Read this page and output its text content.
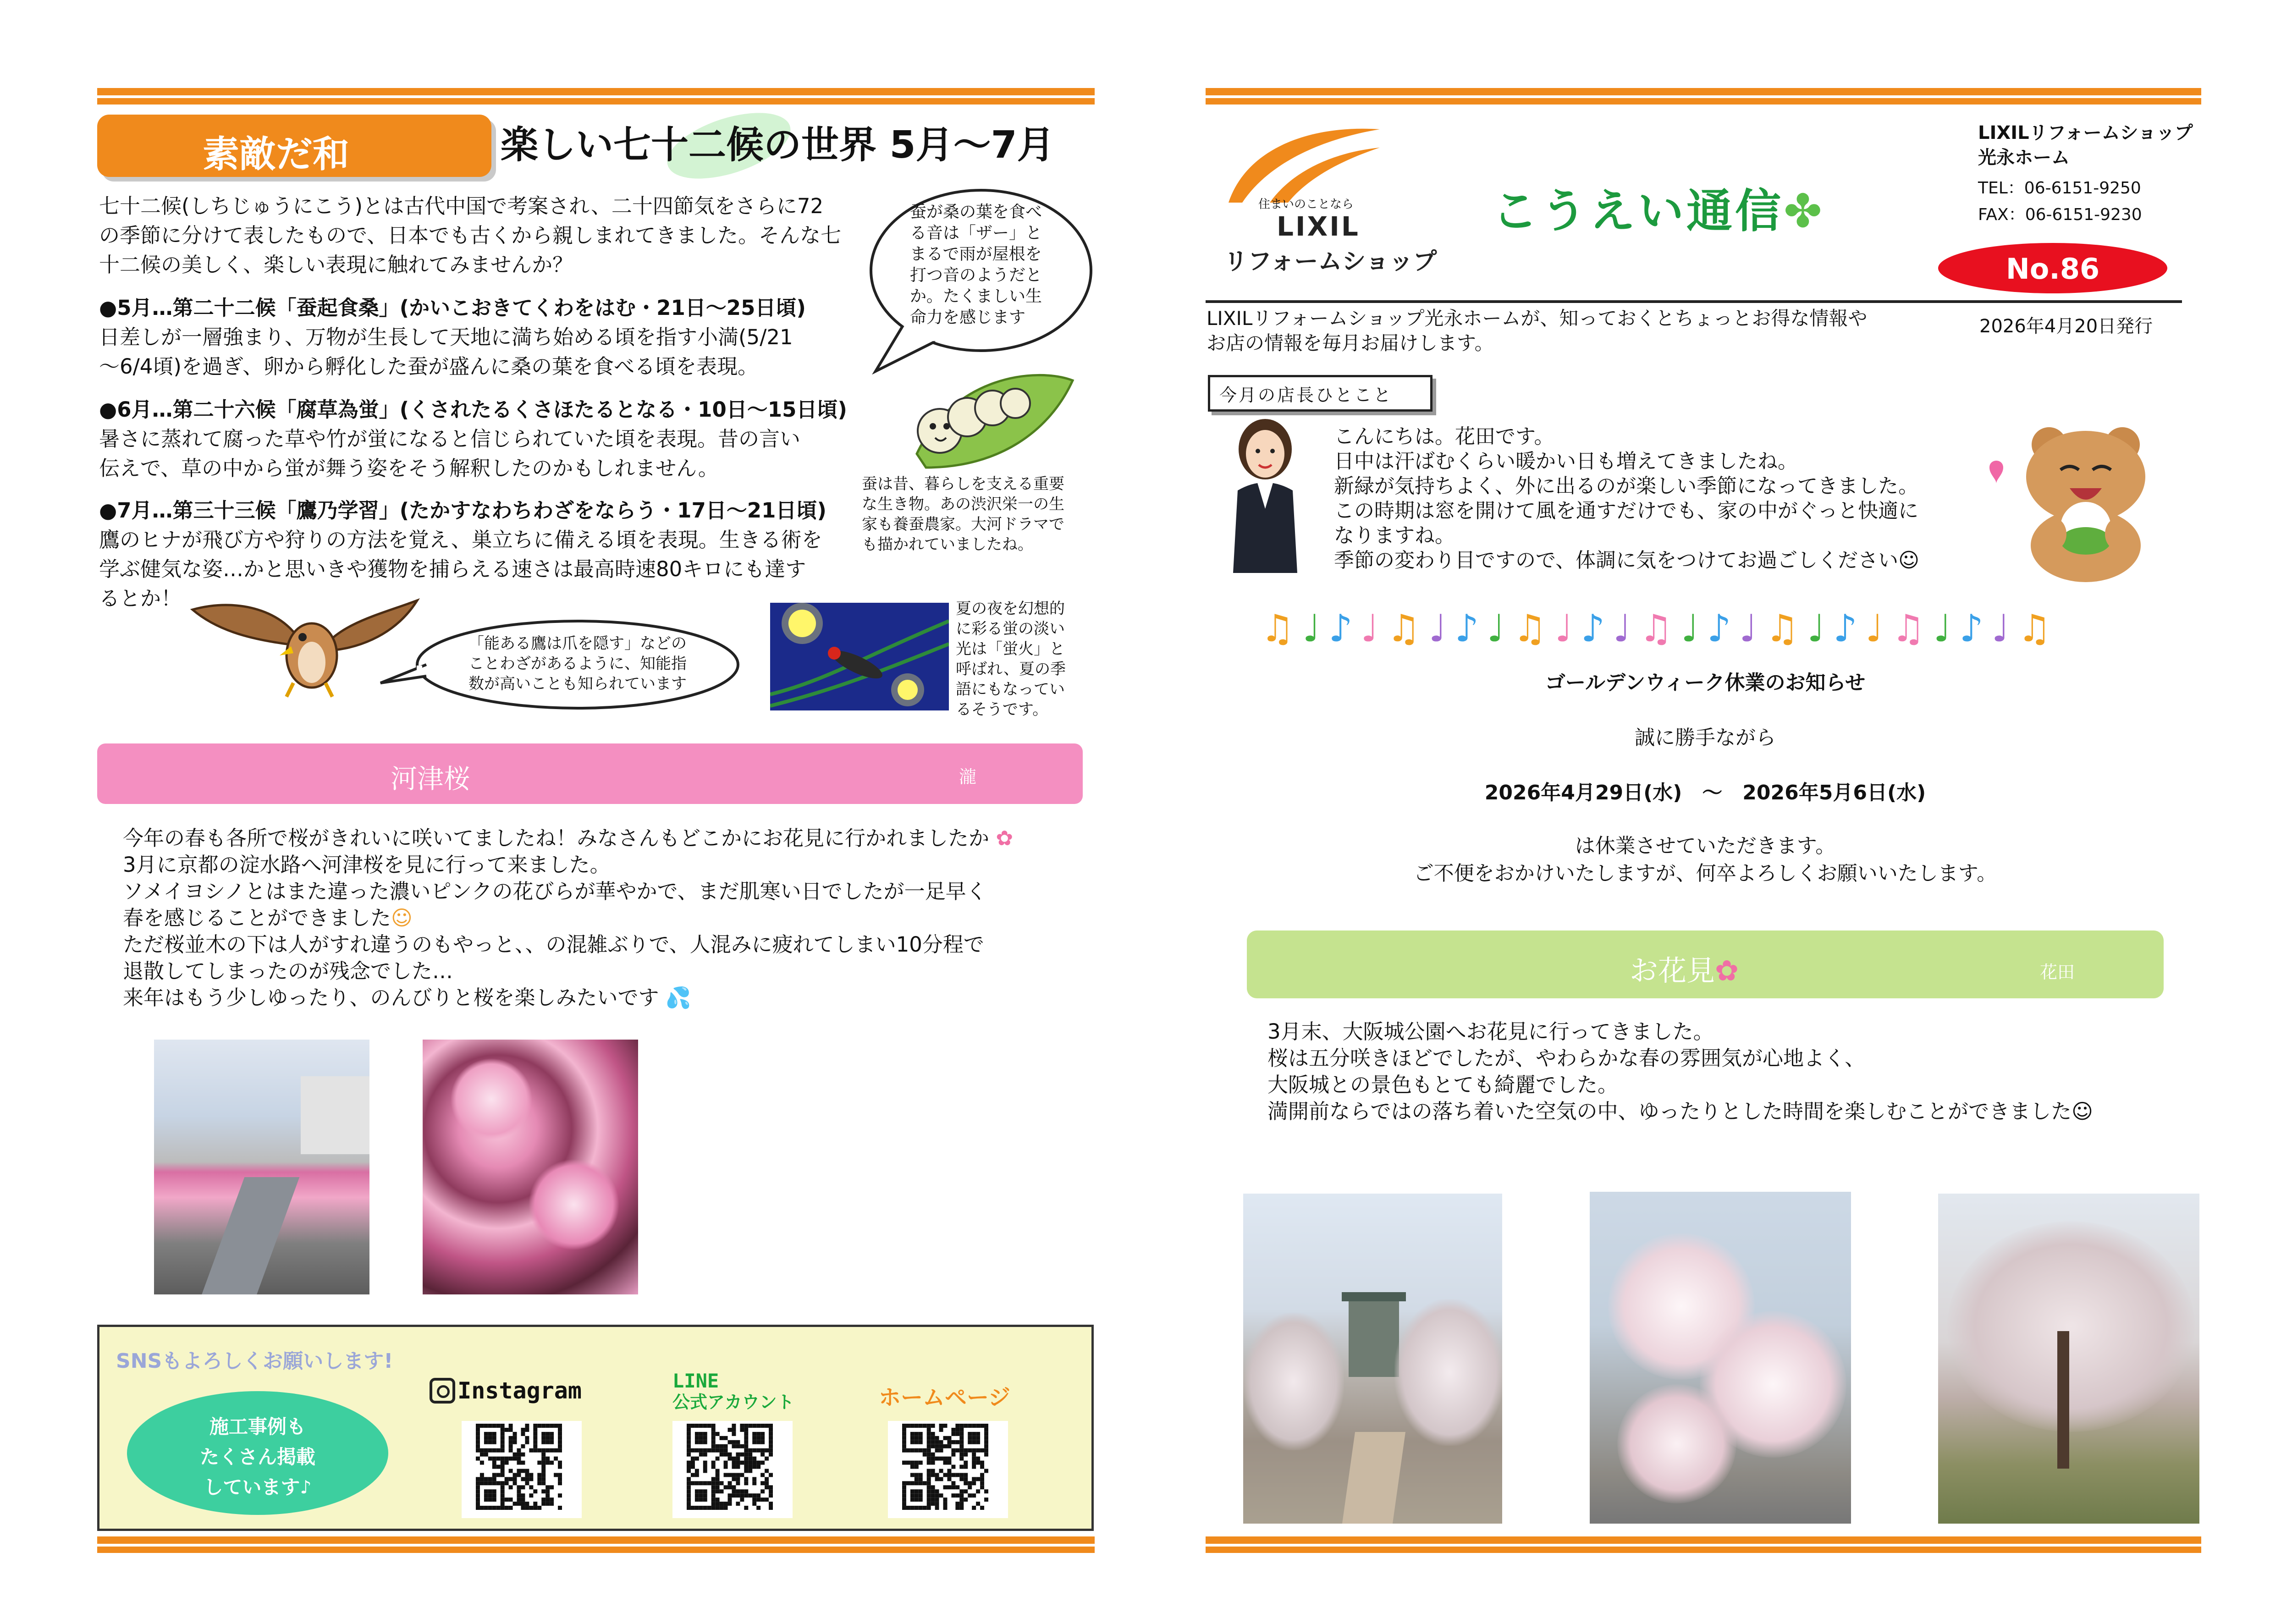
素敵だ和	楽しい七十二候の世界 5月～7月
七十二候(しちじゅうにこう)とは古代中国で考案され、二十四節気をさらに72
の季節に分けて表したもので、日本でも古くから親しまれてきました。そんな七
十二候の美しく、楽しい表現に触れてみませんか？
●5月…第二十二候「蚕起食桑」(かいこおきてくわをはむ・21日～25日頃)
日差しが一層強まり、万物が生長して天地に満ち始める頃を指す小満(5/21
～6/4頃)を過ぎ、卵から孵化した蚕が盛んに桑の葉を食べる頃を表現。
●6月…第二十六候「腐草為蛍」(くされたるくさほたるとなる・10日～15日頃)
暑さに蒸れて腐った草や竹が蛍になると信じられていた頃を表現。昔の言い
伝えで、草の中から蛍が舞う姿をそう解釈したのかもしれません。
●7月…第三十三候「鷹乃学習」(たかすなわちわざをならう・17日～21日頃)
鷹のヒナが飛び方や狩りの方法を覚え、巣立ちに備える頃を表現。生きる術を
学ぶ健気な姿…かと思いきや獲物を捕らえる速さは最高時速80キロにも達す
るとか！
蚕が桑の葉を食べ
る音は「ザー」と
まるで雨が屋根を
打つ音のようだと
か。たくましい生
命力を感じます
蚕は昔、暮らしを支える重要
な生き物。あの渋沢栄一の生
家も養蚕農家。大河ドラマで
も描かれていましたね。
「能ある鷹は爪を隠す」などの
ことわざがあるように、知能指
数が高いことも知られています
夏の夜を幻想的
に彩る蛍の淡い
光は「蛍火」と
呼ばれ、夏の季
語にもなってい
るそうです。
河津桜	瀧
今年の春も各所で桜がきれいに咲いてましたね！みなさんもどこかにお花見に行かれましたか ✿
3月に京都の淀水路へ河津桜を見に行って来ました。
ソメイヨシノとはまた違った濃いピンクの花びらが華やかで、まだ肌寒い日でしたが一足早く
春を感じることができました☺
ただ桜並木の下は人がすれ違うのもやっと、、の混雑ぶりで、人混みに疲れてしまい10分程で
退散してしまったのが残念でした…
来年はもう少しゆったり、のんびりと桜を楽しみたいです 💦
SNSもよろしくお願いします!
施工事例も
たくさん掲載
しています♪
Instagram	LINE
公式アカウント	ホームページ
住まいのことなら
LIXIL
リフォームショップ
こうえい通信✤
LIXILリフォームショップ
光永ホーム
TEL：06-6151-9250
FAX：06-6151-9230
No.86
LIXILリフォームショップ光永ホームが、知っておくとちょっとお得な情報や
お店の情報を毎月お届けします。
2026年4月20日発行
今月の店長ひとこと
こんにちは。花田です。
日中は汗ばむくらい暖かい日も増えてきましたね。
新緑が気持ちよく、外に出るのが楽しい季節になってきました。
この時期は窓を開けて風を通すだけでも、家の中がぐっと快適に
なりますね。
季節の変わり目ですので、体調に気をつけてお過ごしください☺
♫♩♪♩♫♩♪♩♫♩♪♩♫♩♪♩♫♩♪♩♫♩♪♩♫
ゴールデンウィーク休業のお知らせ
誠に勝手ながら
2026年4月29日(水)　～　2026年5月6日(水)
は休業させていただきます。
ご不便をおかけいたしますが、何卒よろしくお願いいたします。
お花見✿	花田
3月末、大阪城公園へお花見に行ってきました。
桜は五分咲きほどでしたが、やわらかな春の雰囲気が心地よく、
大阪城との景色もとても綺麗でした。
満開前ならではの落ち着いた空気の中、ゆったりとした時間を楽しむことができました☺
